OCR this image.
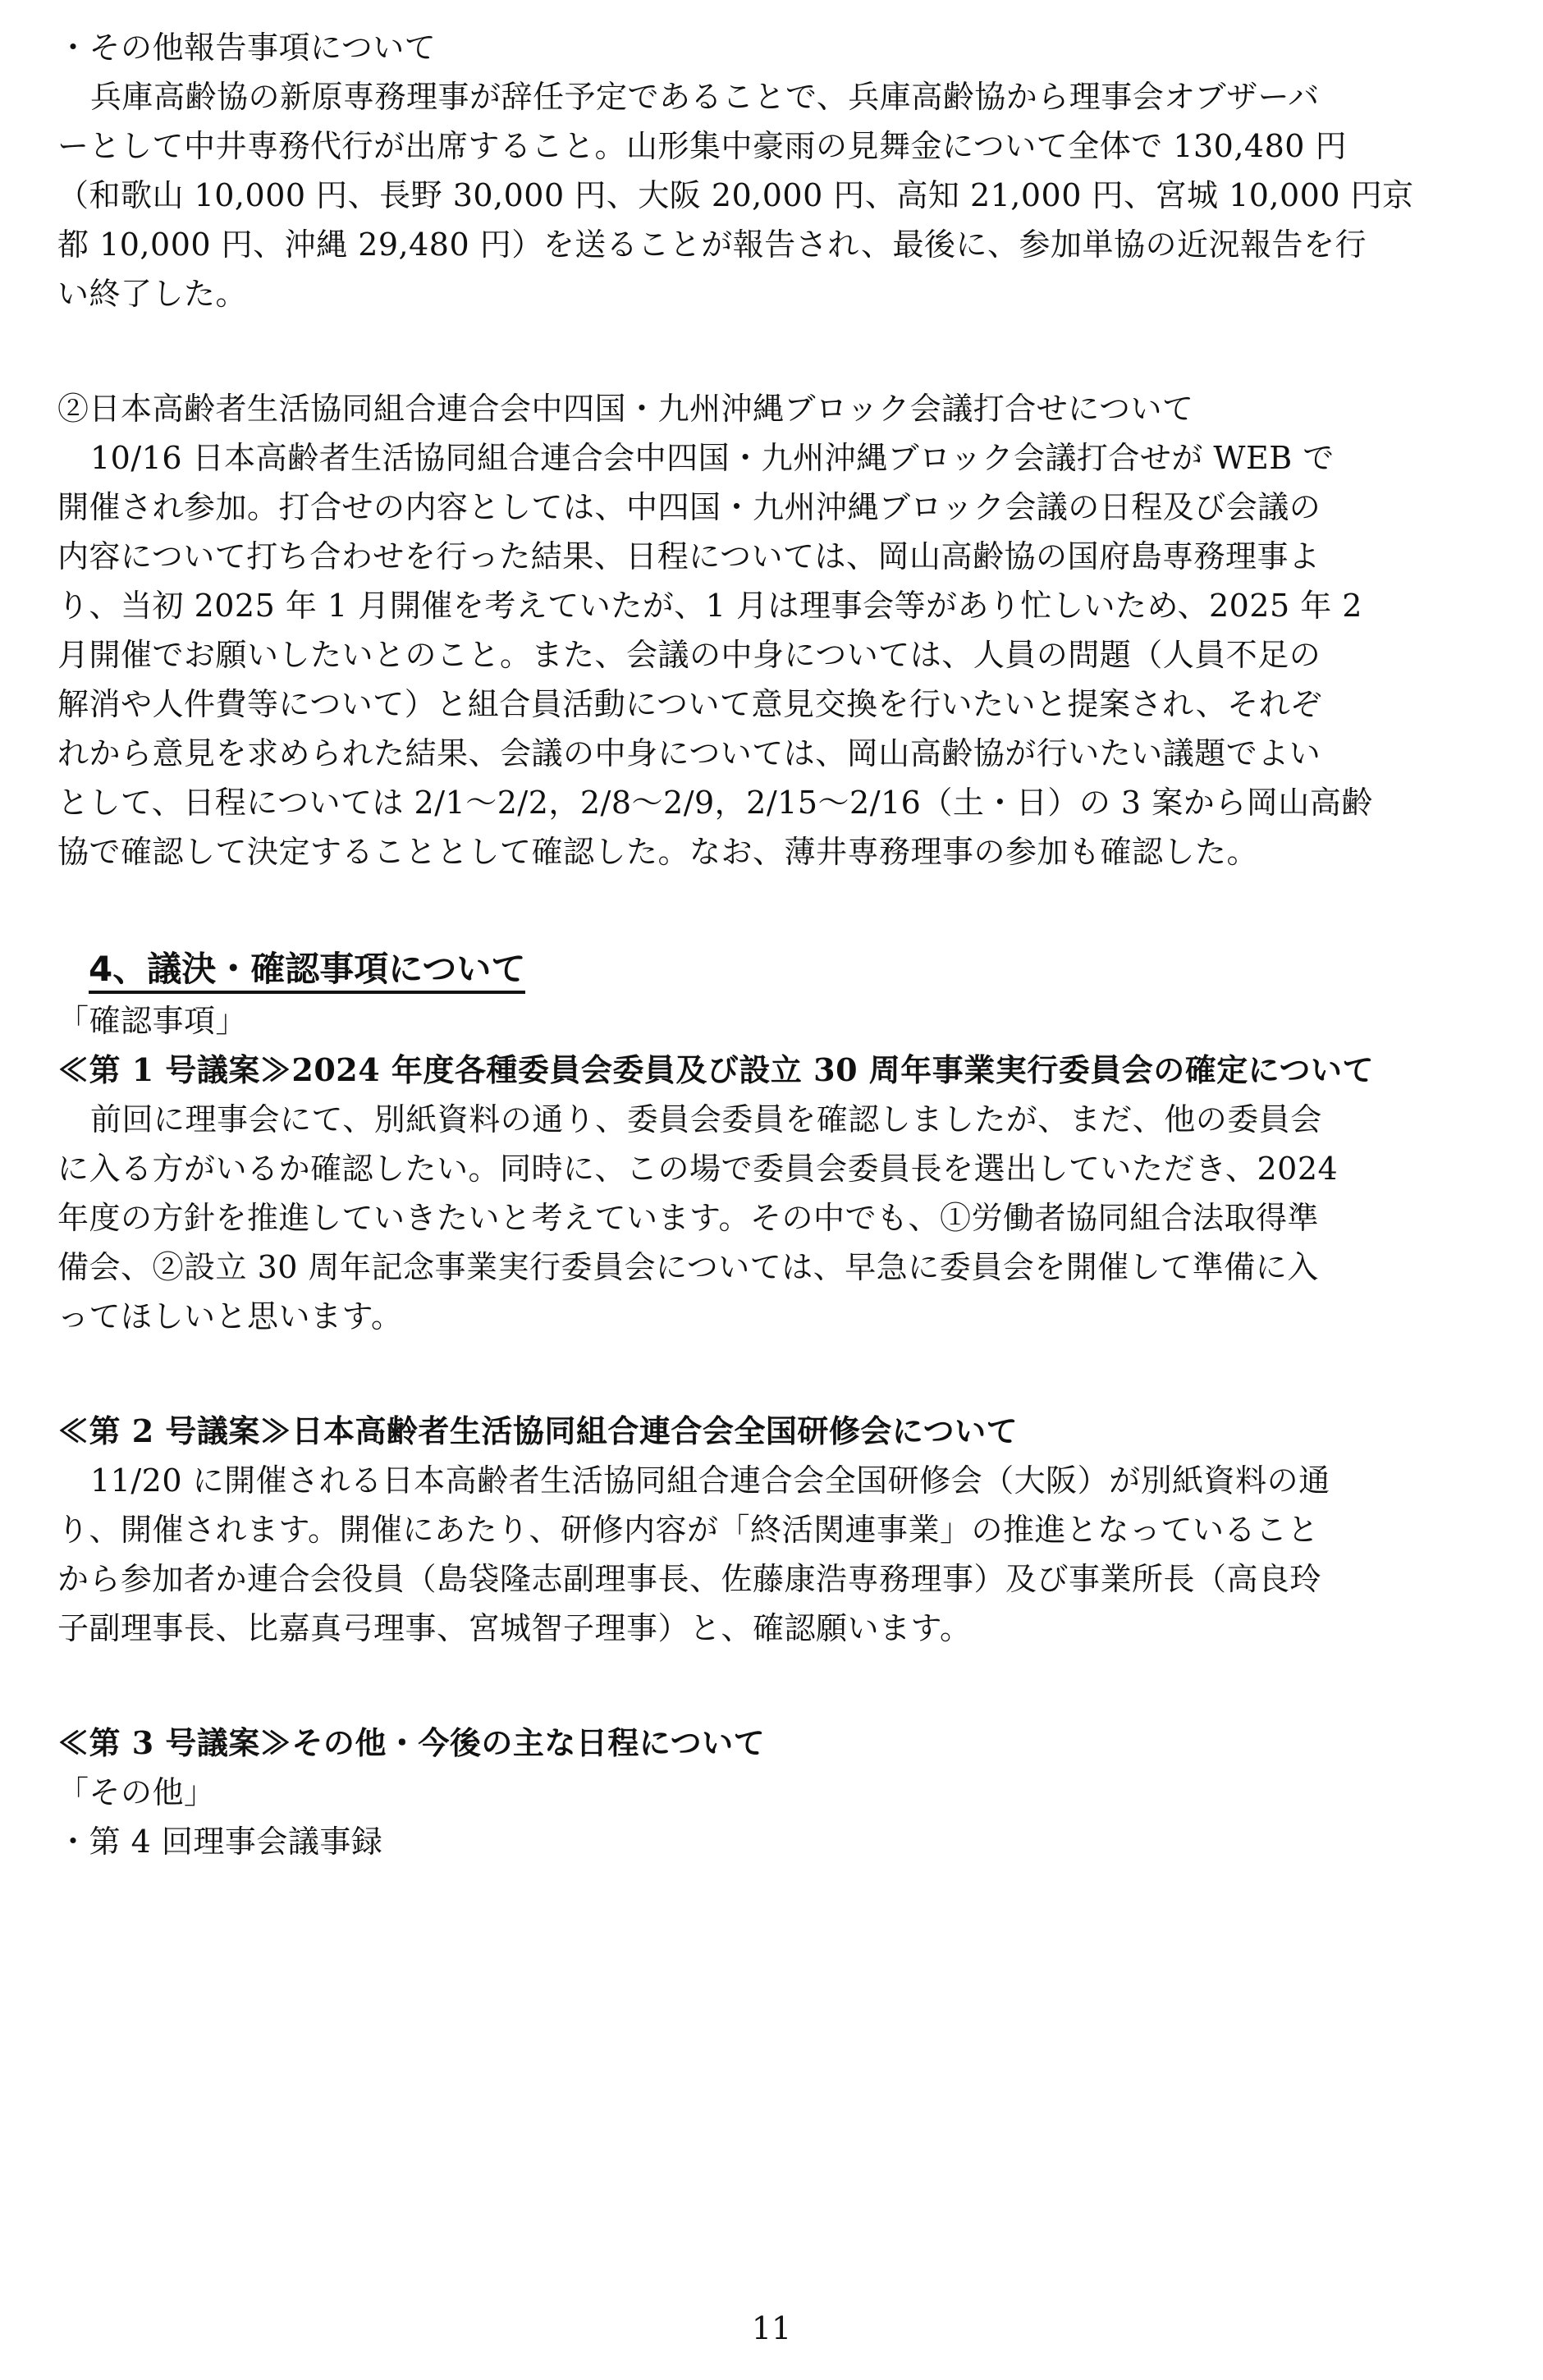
・その他報告事項について
兵庫高齢協の新原専務理事が辞任予定であることで、兵庫高齢協から理事会オブザーバ
ーとして中井専務代行が出席すること。山形集中豪雨の見舞金について全体で 130,480 円
（和歌山 10,000 円、長野 30,000 円、大阪 20,000 円、高知 21,000 円、宮城 10,000 円京
都 10,000 円、沖縄 29,480 円）を送ることが報告され、最後に、参加単協の近況報告を行
い終了した。
②日本高齢者生活協同組合連合会中四国・九州沖縄ブロック会議打合せについて
10/16 日本高齢者生活協同組合連合会中四国・九州沖縄ブロック会議打合せが WEB で
開催され参加。打合せの内容としては、中四国・九州沖縄ブロック会議の日程及び会議の
内容について打ち合わせを行った結果、日程については、岡山高齢協の国府島専務理事よ
り、当初 2025 年 1 月開催を考えていたが、1 月は理事会等があり忙しいため、2025 年 2
月開催でお願いしたいとのこと。また、会議の中身については、人員の問題（人員不足の
解消や人件費等について）と組合員活動について意見交換を行いたいと提案され、それぞ
れから意見を求められた結果、会議の中身については、岡山高齢協が行いたい議題でよい
として、日程については 2/1～2/2，2/8～2/9，2/15～2/16（土・日）の 3 案から岡山高齢
協で確認して決定することとして確認した。なお、薄井専務理事の参加も確認した。
4、議決・確認事項について
「確認事項」
≪第 1 号議案≫2024 年度各種委員会委員及び設立 30 周年事業実行委員会の確定について
前回に理事会にて、別紙資料の通り、委員会委員を確認しましたが、まだ、他の委員会
に入る方がいるか確認したい。同時に、この場で委員会委員長を選出していただき、2024
年度の方針を推進していきたいと考えています。その中でも、①労働者協同組合法取得準
備会、②設立 30 周年記念事業実行委員会については、早急に委員会を開催して準備に入
ってほしいと思います。
≪第 2 号議案≫日本高齢者生活協同組合連合会全国研修会について
11/20 に開催される日本高齢者生活協同組合連合会全国研修会（大阪）が別紙資料の通
り、開催されます。開催にあたり、研修内容が「終活関連事業」の推進となっていること
から参加者か連合会役員（島袋隆志副理事長、佐藤康浩専務理事）及び事業所長（高良玲
子副理事長、比嘉真弓理事、宮城智子理事）と、確認願います。
≪第 3 号議案≫その他・今後の主な日程について
「その他」
・第 4 回理事会議事録
11
